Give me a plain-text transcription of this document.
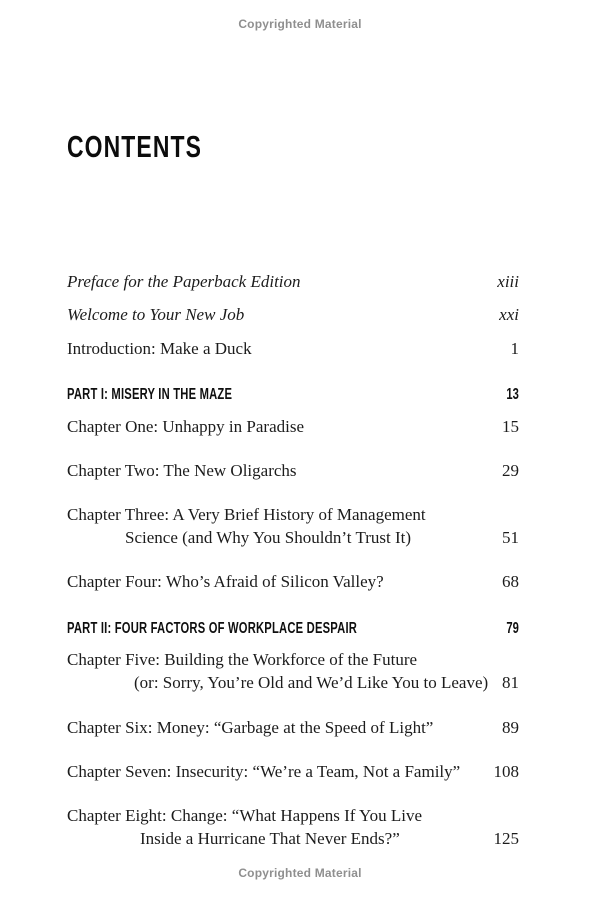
Copyrighted Material
CONTENTS
Preface for the Paperback Edition	xiii
Welcome to Your New Job	xxi
Introduction: Make a Duck	1
PART I: MISERY IN THE MAZE	13
Chapter One: Unhappy in Paradise	15
Chapter Two: The New Oligarchs	29
Chapter Three: A Very Brief History of Management
Science (and Why You Shouldn’t Trust It)	51
Chapter Four: Who’s Afraid of Silicon Valley?	68
PART II: FOUR FACTORS OF WORKPLACE DESPAIR	79
Chapter Five: Building the Workforce of the Future
(or: Sorry, You’re Old and We’d Like You to Leave) 81
Chapter Six: Money: “Garbage at the Speed of Light”	89
Chapter Seven: Insecurity: “We’re a Team, Not a Family” 108
Chapter Eight: Change: “What Happens If You Live
Inside a Hurricane That Never Ends?”	125
Copyrighted Material
